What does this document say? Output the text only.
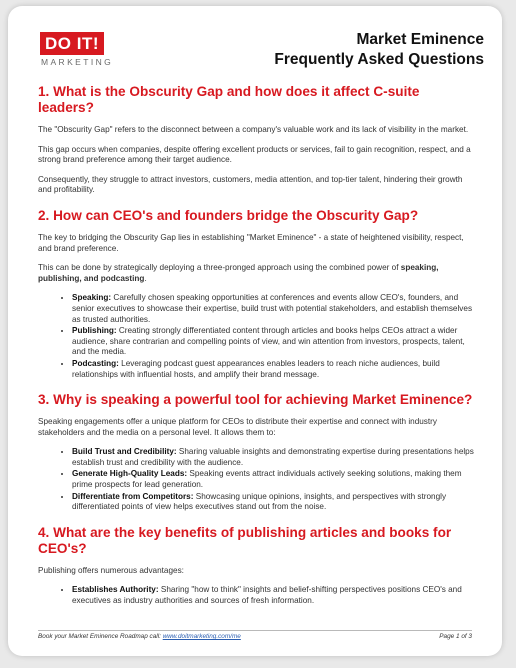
DO IT!
MARKETING
Market Eminence
Frequently Asked Questions
1. What is the Obscurity Gap and how does it affect C-suite leaders?

The "Obscurity Gap" refers to the disconnect between a company's valuable work and its lack of visibility in the market.

This gap occurs when companies, despite offering excellent products or services, fail to gain recognition, respect, and a strong brand preference among their target audience.

Consequently, they struggle to attract investors, customers, media attention, and top-tier talent, hindering their growth and profitability.

2. How can CEO's and founders bridge the Obscurity Gap?

The key to bridging the Obscurity Gap lies in establishing "Market Eminence" - a state of heightened visibility, respect, and brand preference.

This can be done by strategically deploying a three-pronged approach using the combined power of speaking, publishing, and podcasting.

• Speaking: Carefully chosen speaking opportunities at conferences and events allow CEO's, founders, and senior executives to showcase their expertise, build trust with potential stakeholders, and establish themselves as trusted authorities.
• Publishing: Creating strongly differentiated content through articles and books helps CEOs attract a wider audience, share contrarian and compelling points of view, and win attention from investors, prospects, talent, and the media.
• Podcasting: Leveraging podcast guest appearances enables leaders to reach niche audiences, build relationships with influential hosts, and amplify their brand message.
3. Why is speaking a powerful tool for achieving Market Eminence?

Speaking engagements offer a unique platform for CEOs to distribute their expertise and connect with industry stakeholders and the media on a personal level. It allows them to:

• Build Trust and Credibility: Sharing valuable insights and demonstrating expertise during presentations helps establish trust and credibility with the audience.
• Generate High-Quality Leads: Speaking events attract individuals actively seeking solutions, making them prime prospects for lead generation.
• Differentiate from Competitors: Showcasing unique opinions, insights, and perspectives with strongly differentiated points of view helps executives stand out from the noise.
4. What are the key benefits of publishing articles and books for CEO's?

Publishing offers numerous advantages:

• Establishes Authority: Sharing "how to think" insights and belief-shifting perspectives positions CEO's and executives as industry authorities and sources of fresh information.
Book your Market Eminence Roadmap call: www.doitmarketing.com/me	Page 1 of 3
